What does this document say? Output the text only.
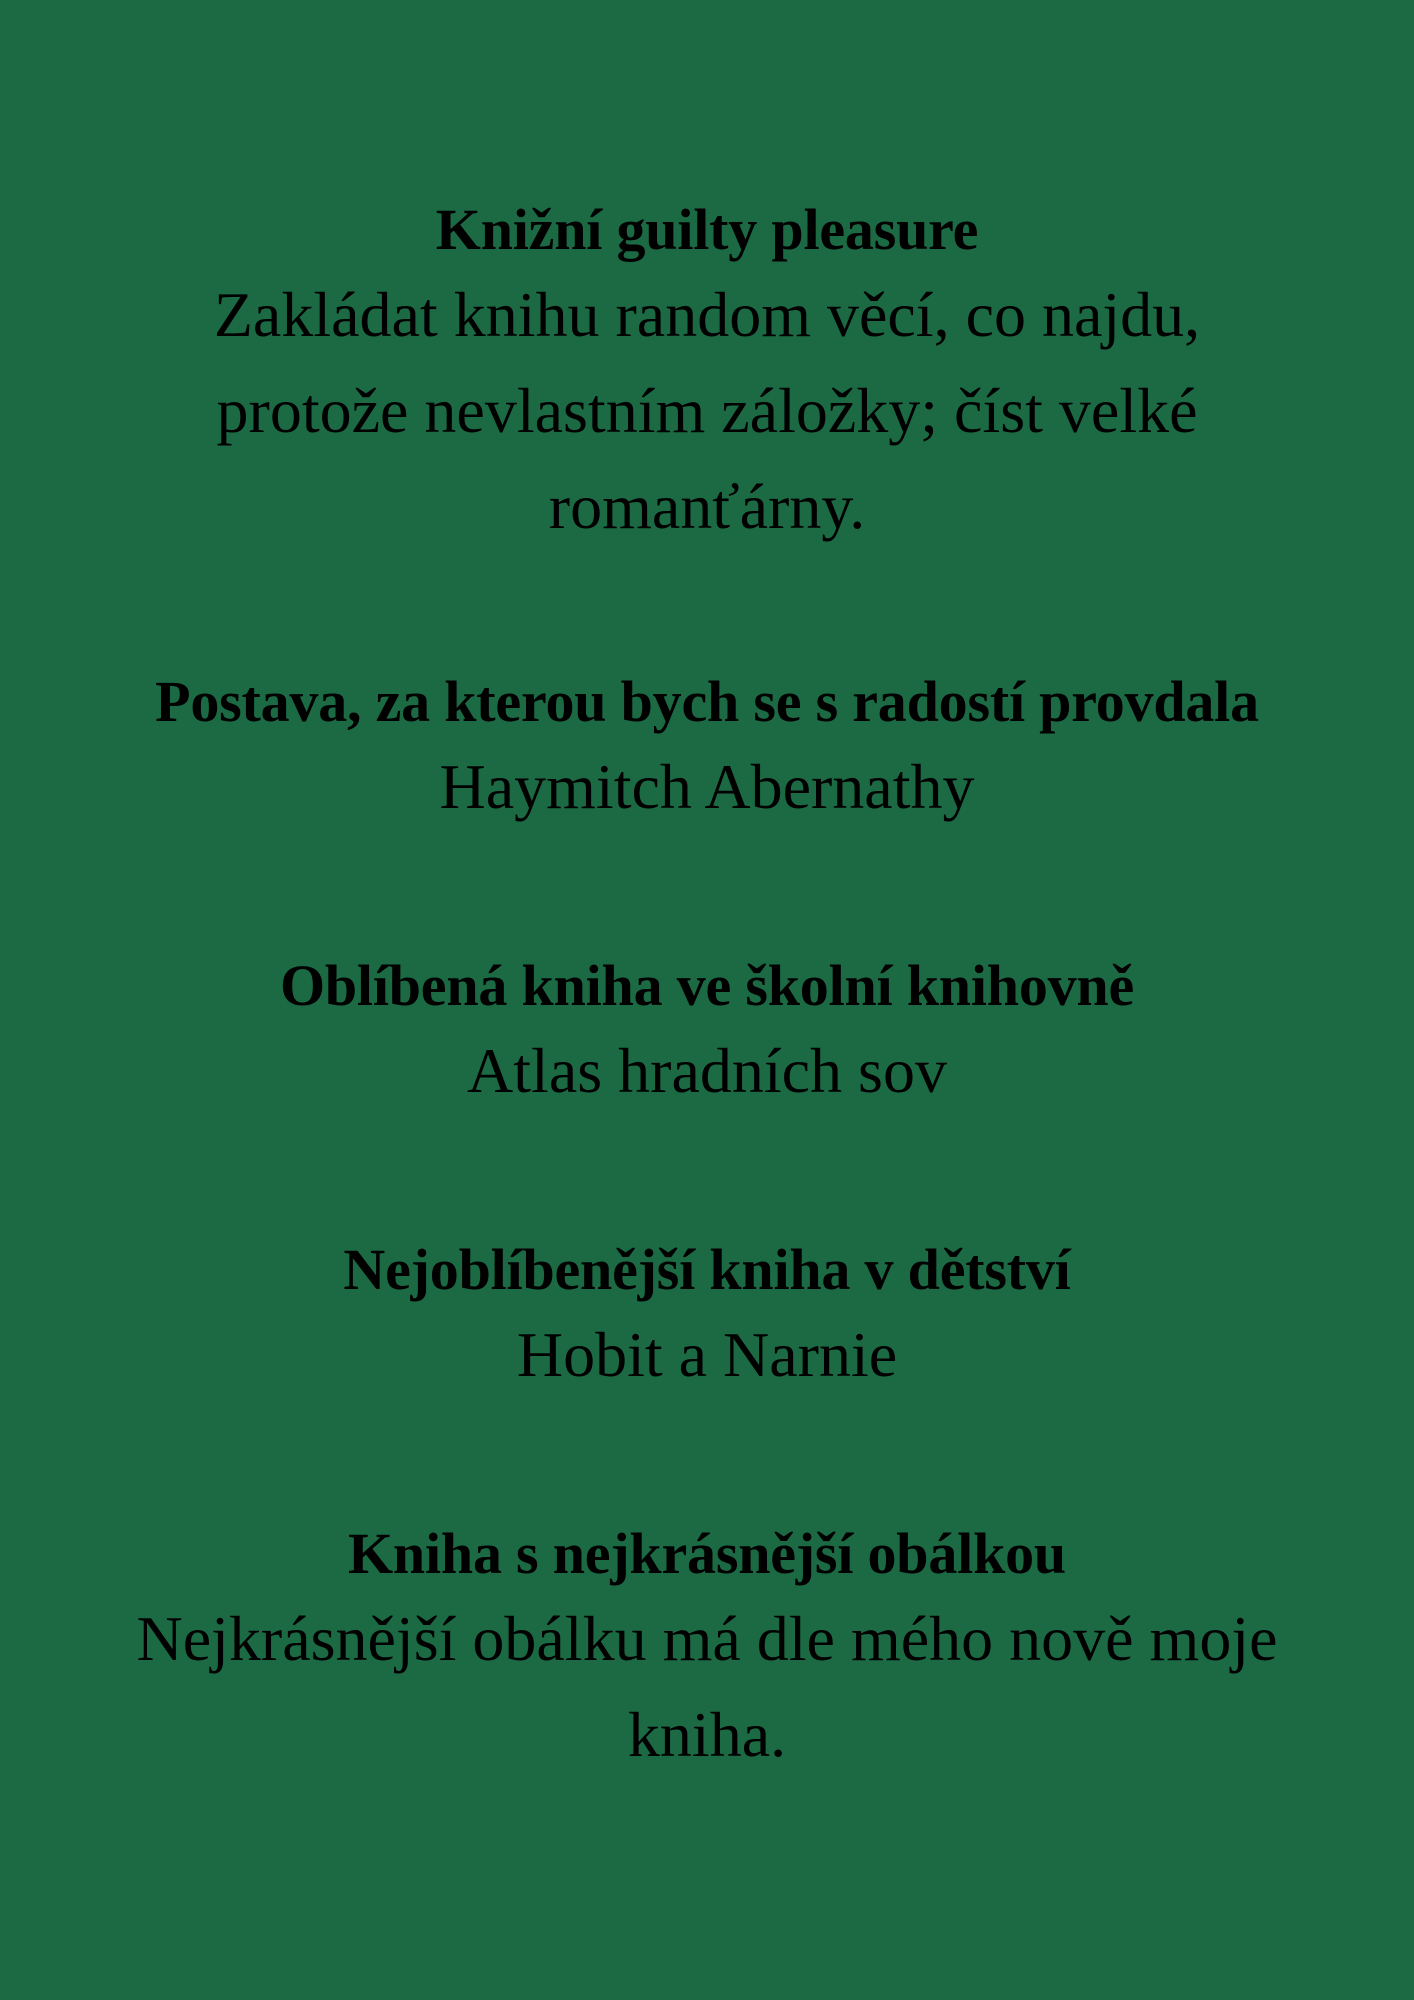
Knižní guilty pleasure
Zakládat knihu random věcí, co najdu, protože nevlastním záložky; číst velké romanťárny.
Postava, za kterou bych se s radostí provdala
Haymitch Abernathy
Oblíbená kniha ve školní knihovně
Atlas hradních sov
Nejoblíbenější kniha v dětství
Hobit a Narnie
Kniha s nejkrásnější obálkou
Nejkrásnější obálku má dle mého nově moje kniha.
